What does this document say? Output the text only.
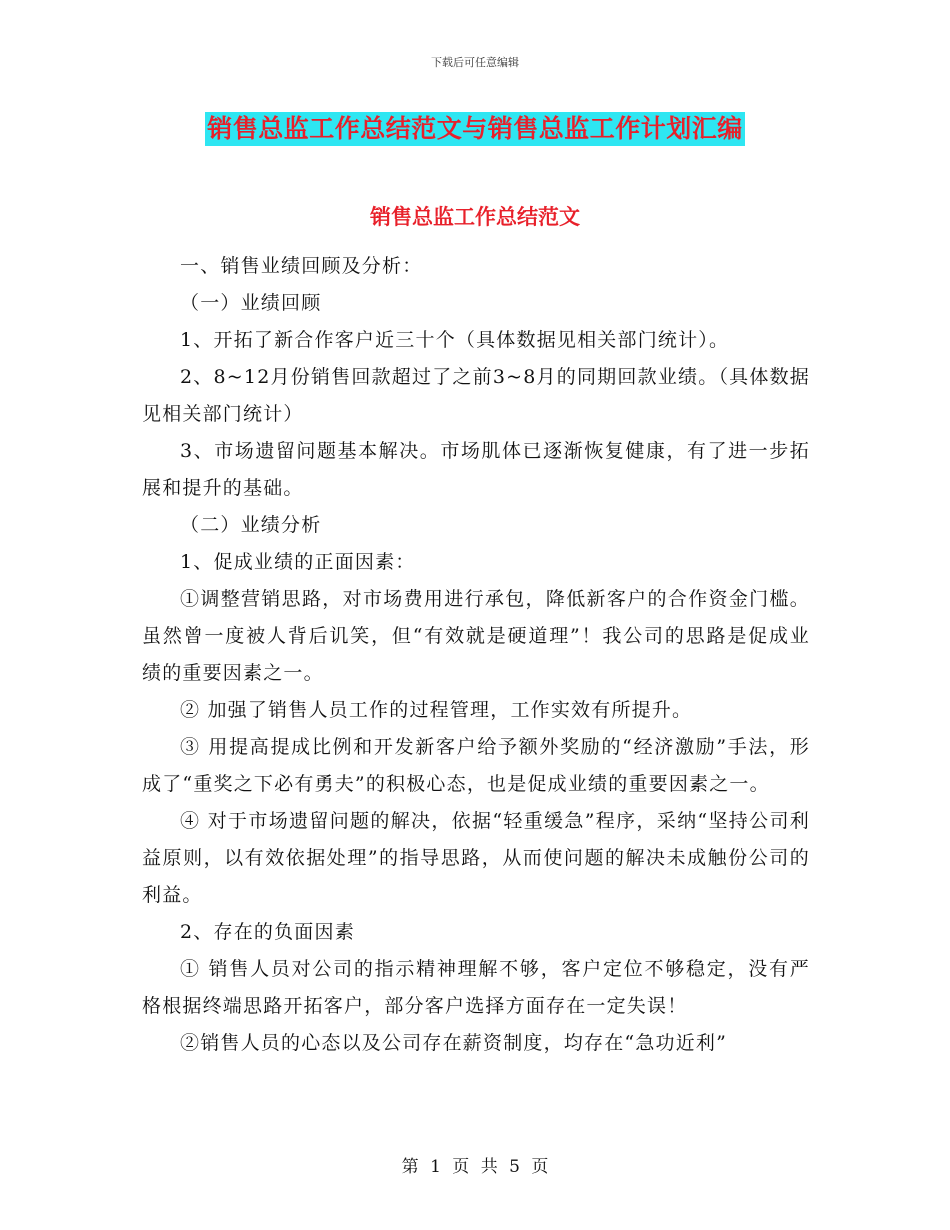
下载后可任意编辑
销售总监工作总结范文与销售总监工作计划汇编
销售总监工作总结范文

一、销售业绩回顾及分析：

（一）业绩回顾

1、开拓了新合作客户近三十个（具体数据见相关部门统计）。

2、8~12月份销售回款超过了之前3~8月的同期回款业绩。（具体数据见相关部门统计）

3、市场遗留问题基本解决。市场肌体已逐渐恢复健康，有了进一步拓展和提升的基础。

（二）业绩分析

1、促成业绩的正面因素：

①调整营销思路，对市场费用进行承包，降低新客户的合作资金门槛。虽然曾一度被人背后讥笑，但“有效就是硬道理”！我公司的思路是促成业绩的重要因素之一。

② 加强了销售人员工作的过程管理，工作实效有所提升。

③ 用提高提成比例和开发新客户给予额外奖励的“经济激励”手法，形成了“重奖之下必有勇夫”的积极心态，也是促成业绩的重要因素之一。

④ 对于市场遗留问题的解决，依据“轻重缓急”程序，采纳“坚持公司利益原则，以有效依据处理”的指导思路，从而使问题的解决未成触份公司的利益。

2、存在的负面因素

① 销售人员对公司的指示精神理解不够，客户定位不够稳定，没有严格根据终端思路开拓客户，部分客户选择方面存在一定失误！

②销售人员的心态以及公司存在薪资制度，均存在“急功近利”

第 1 页 共 5 页
